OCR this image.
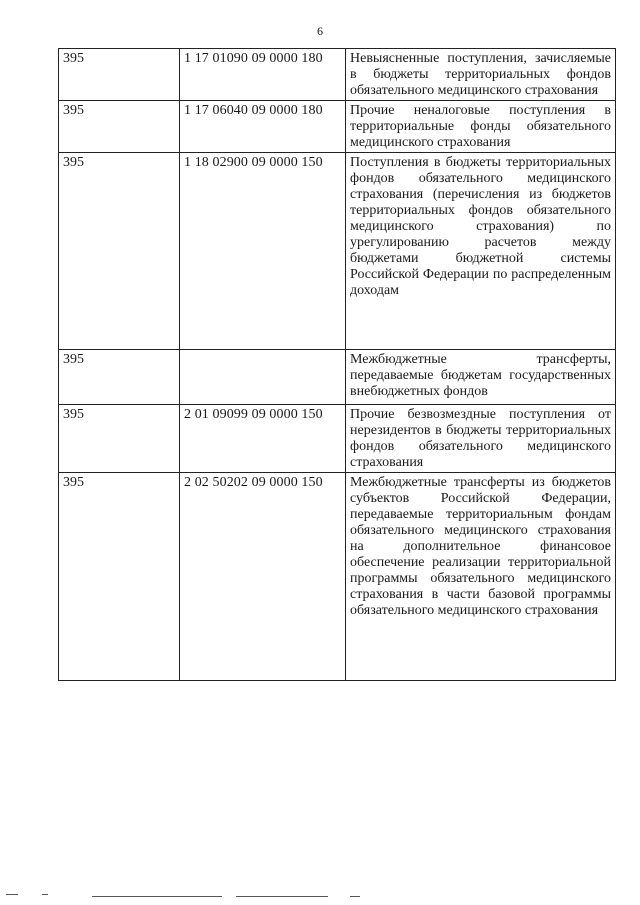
6
395	1 17 01090 09 0000 180	Невыясненные поступления, зачисляемые в бюджеты территориальных фондов обязательного медицинского страхования
395	1 17 06040 09 0000 180	Прочие неналоговые поступления в территориальные фонды обязательного медицинского страхования
395	1 18 02900 09 0000 150	Поступления в бюджеты территориальных фондов обязательного медицинского страхования (перечисления из бюджетов территориальных фондов обязательного медицинского страхования) по урегулированию расчетов между бюджетами бюджетной системы Российской Федерации по распределенным доходам
395		Межбюджетные трансферты, передаваемые бюджетам государственных внебюджетных фондов
395	2 01 09099 09 0000 150	Прочие безвозмездные поступления от нерезидентов в бюджеты территориальных фондов обязательного медицинского страхования
395	2 02 50202 09 0000 150	Межбюджетные трансферты из бюджетов субъектов Российской Федерации, передаваемые территориальным фондам обязательного медицинского страхования на дополнительное финансовое обеспечение реализации территориальной программы обязательного медицинского страхования в части базовой программы обязательного медицинского страхования
